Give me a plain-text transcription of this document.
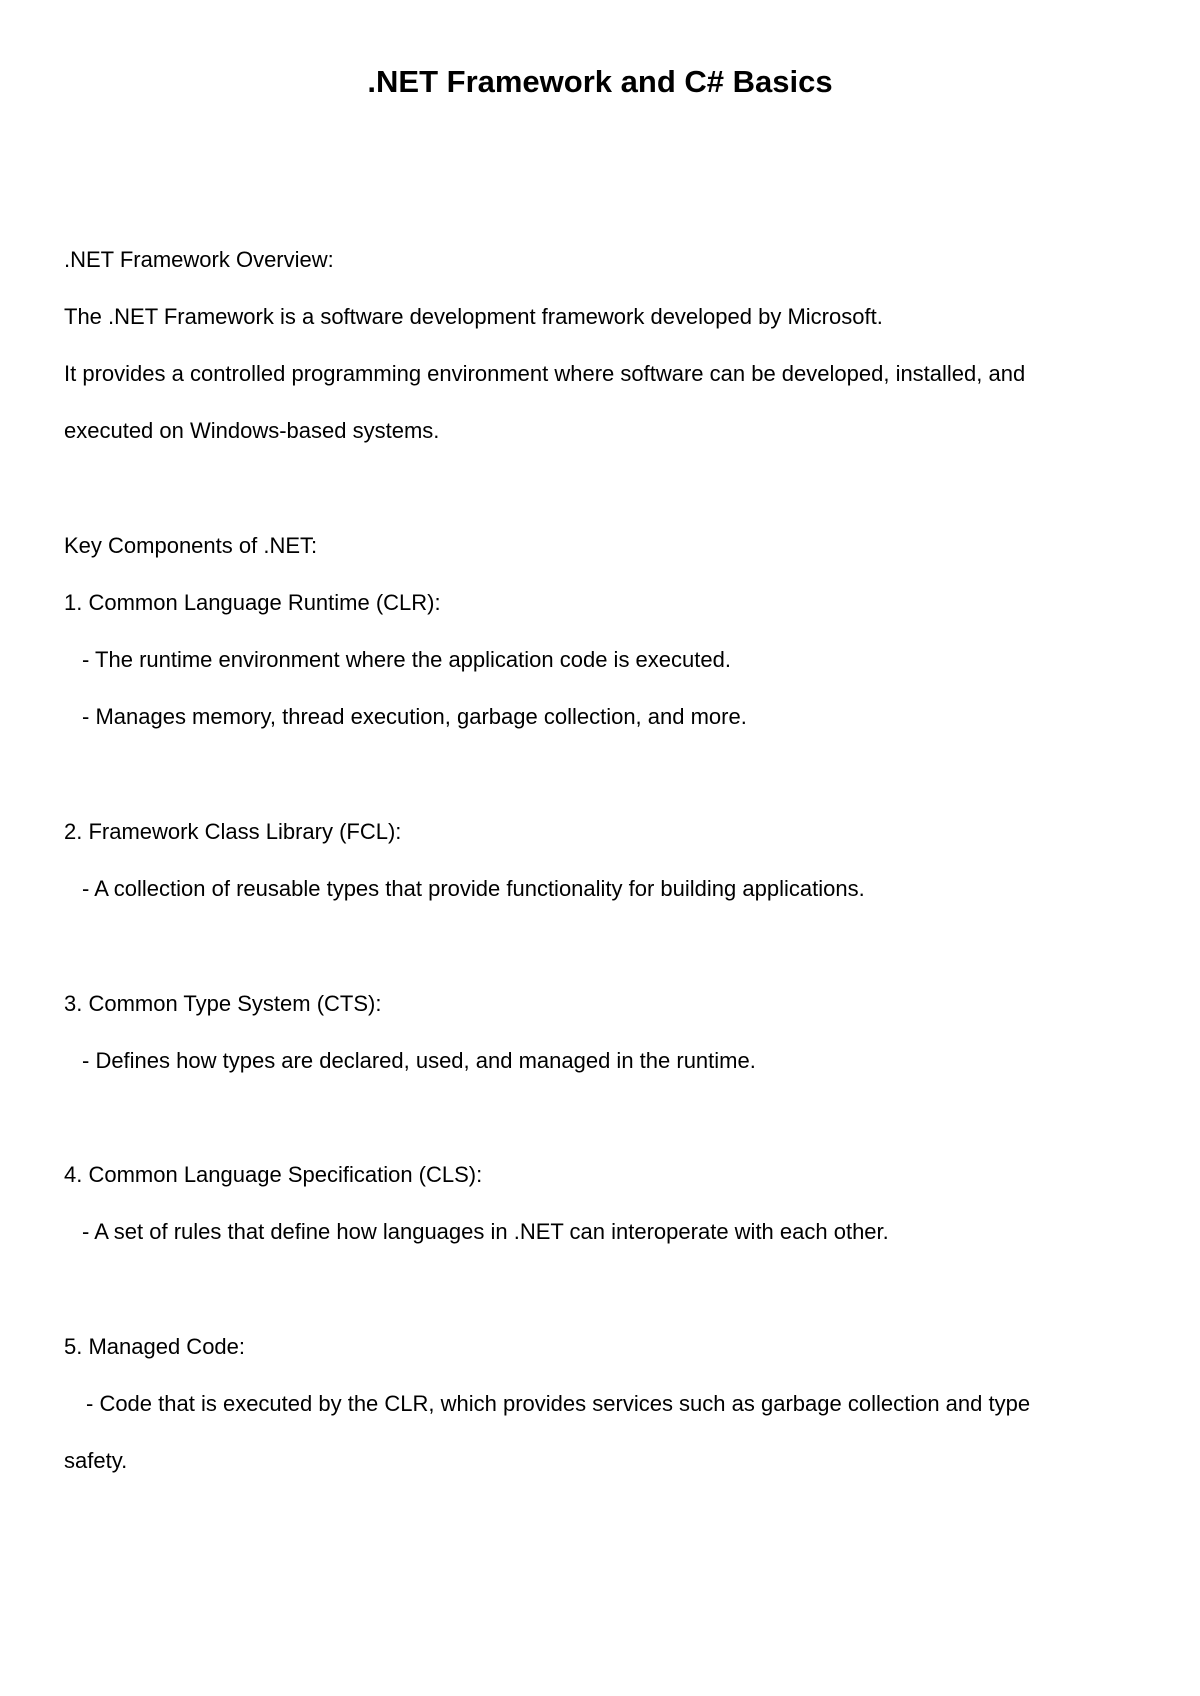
.NET Framework and C# Basics

.NET Framework Overview:

The .NET Framework is a software development framework developed by Microsoft.

It provides a controlled programming environment where software can be developed, installed, and

executed on Windows-based systems.

Key Components of .NET:

1. Common Language Runtime (CLR):

- The runtime environment where the application code is executed.

- Manages memory, thread execution, garbage collection, and more.

2. Framework Class Library (FCL):

- A collection of reusable types that provide functionality for building applications.

3. Common Type System (CTS):

- Defines how types are declared, used, and managed in the runtime.

4. Common Language Specification (CLS):

- A set of rules that define how languages in .NET can interoperate with each other.

5. Managed Code:

- Code that is executed by the CLR, which provides services such as garbage collection and type

safety.
